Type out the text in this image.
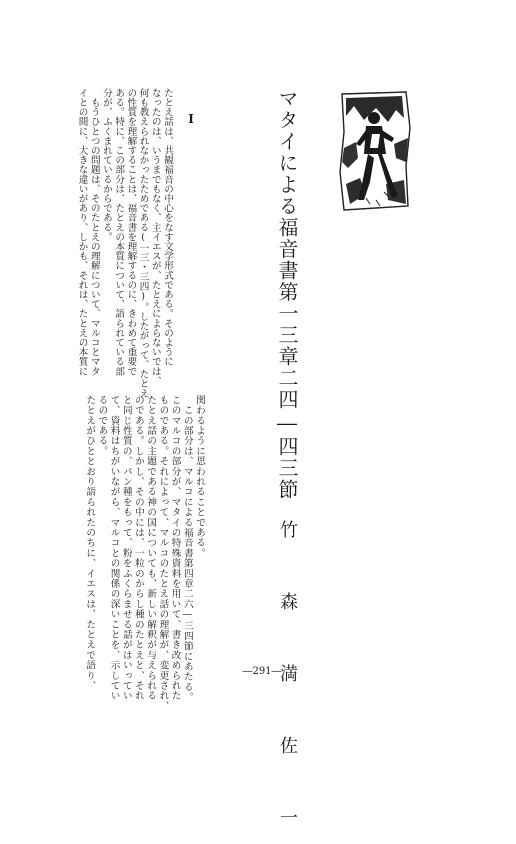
マタイによる福音書第一三章二四―四三節
竹　森　満　佐　一
I
たとえ話は、共観福音の中心をなす文学形式である。そのように
なったのは、いうまでもなく、主イエスが、たとえによらないでは、
何も教えられなかったためである(一三・三四)。したがって、たとえ
の性質を理解することは、福音書を理解するのに、きわめて重要で
ある。特に、この部分は、たとえの本質について、語られている部
分が、ふくまれているからである。
　もうひとつの問題は、そのたとえの理解について、マルコとマタ
イとの間に、大きな違いがあり、しかも、それは、たとえの本質に
関わるように思われることである。
　この部分は、マルコによる福音書第四章二六―三四節にあたる。
このマルコの部分が、マタイの特殊資料を用いて、書き改められた
ものである。それによって、マルコのたとえ話の理解が、変更され、
たとえ話の主題である神の国についても、新しい解釈が与えられる
のである。しかし、その中には、一粒のからし種のたとえと、それ
と同じ性質の、パン種をもって、粉をふくらませる話がはいってい
て、資料はちがいながら、マルコとの関係の深いことを、示してい
るのである。
たとえがひととおり語られたのちに、イエスは、たとえで語り、	―291―
